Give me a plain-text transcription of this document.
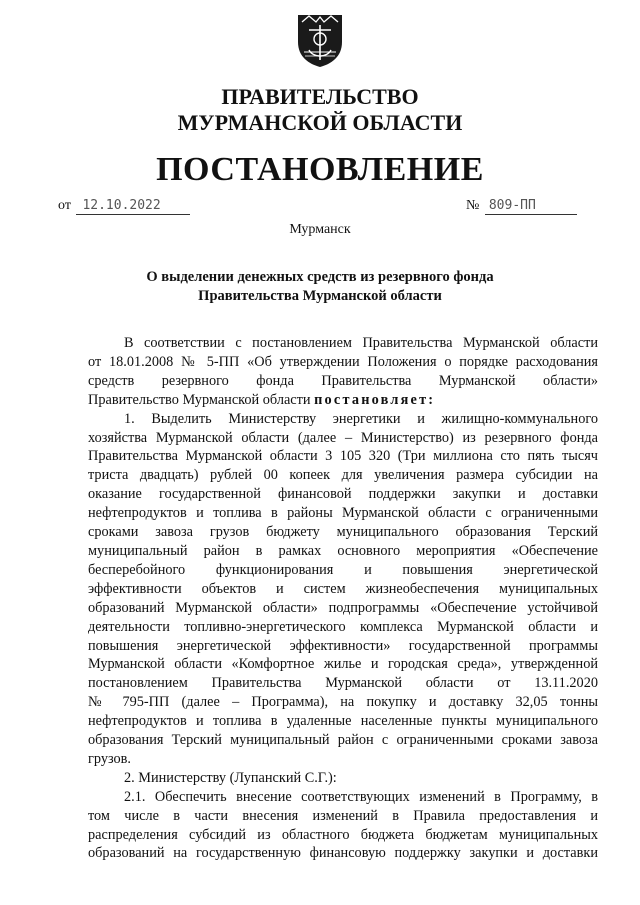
ПРАВИТЕЛЬСТВО
МУРМАНСКОЙ ОБЛАСТИ
ПОСТАНОВЛЕНИЕ
от 12.10.2022	№ 809-ПП
Мурманск
О выделении денежных средств из резервного фонда
Правительства Мурманской области

В соответствии с постановлением Правительства Мурманской области

от 18.01.2008 № 5-ПП «Об утверждении Положения о порядке расходования

средств резервного фонда Правительства Мурманской области»

Правительство Мурманской области постановляет:

1. Выделить Министерству энергетики и жилищно-коммунального

хозяйства Мурманской области (далее – Министерство) из резервного фонда

Правительства Мурманской области 3 105 320 (Три миллиона сто пять тысяч

триста двадцать) рублей 00 копеек для увеличения размера субсидии на

оказание государственной финансовой поддержки закупки и доставки

нефтепродуктов и топлива в районы Мурманской области с ограниченными

сроками завоза грузов бюджету муниципального образования Терский

муниципальный район в рамках основного мероприятия «Обеспечение

бесперебойного функционирования и повышения энергетической

эффективности объектов и систем жизнеобеспечения муниципальных

образований Мурманской области» подпрограммы «Обеспечение устойчивой

деятельности топливно-энергетического комплекса Мурманской области и

повышения энергетической эффективности» государственной программы

Мурманской области «Комфортное жилье и городская среда», утвержденной

постановлением Правительства Мурманской области от 13.11.2020

№ 795-ПП (далее – Программа), на покупку и доставку 32,05 тонны

нефтепродуктов и топлива в удаленные населенные пункты муниципального

образования Терский муниципальный район с ограниченными сроками завоза

грузов.

2. Министерству (Лупанский С.Г.):

2.1. Обеспечить внесение соответствующих изменений в Программу, в

том числе в части внесения изменений в Правила предоставления и

распределения субсидий из областного бюджета бюджетам муниципальных

образований на государственную финансовую поддержку закупки и доставки
